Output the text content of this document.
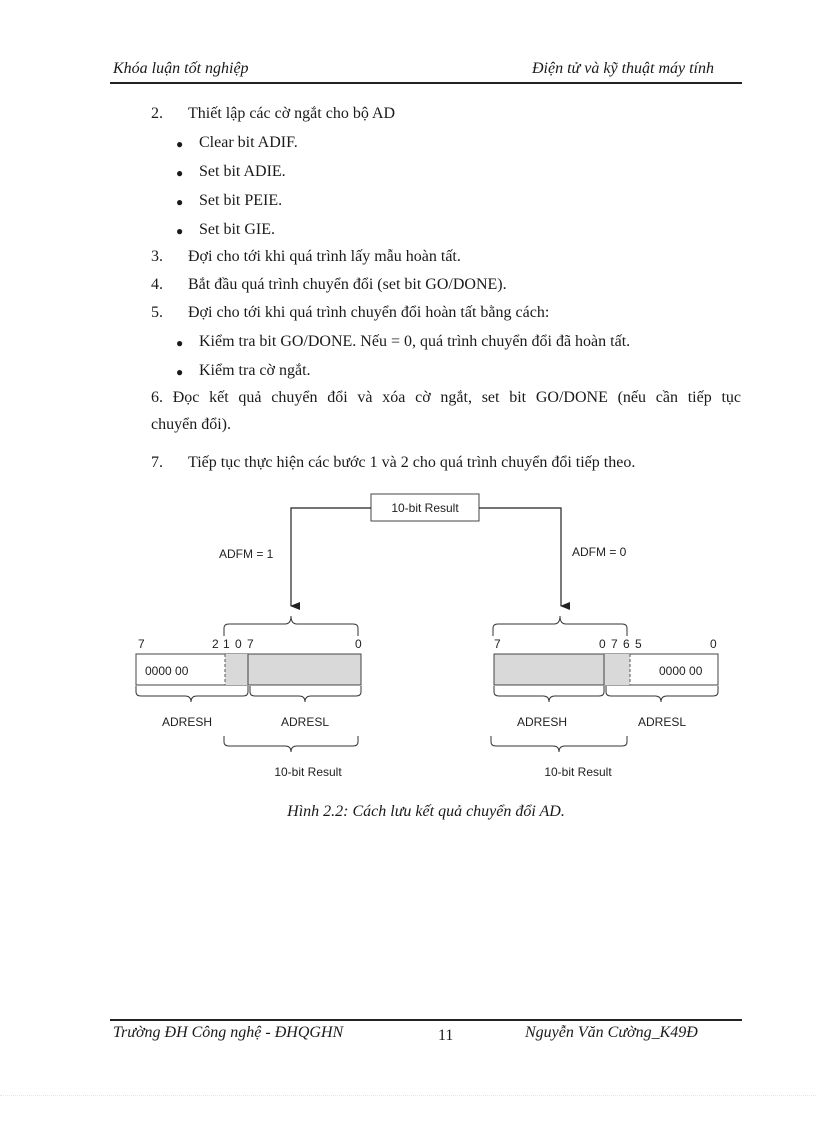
Khóa luận tốt nghiệp	Điện tử và kỹ thuật máy tính
2. Thiết lập các cờ ngắt cho bộ AD
● Clear bit ADIF.
● Set bit ADIE.
● Set bit PEIE.
● Set bit GIE.
3. Đợi cho tới khi quá trình lấy mẫu hoàn tất.
4. Bắt đầu quá trình chuyển đổi (set bit GO/DONE).
5. Đợi cho tới khi quá trình chuyển đổi hoàn tất bằng cách:
● Kiểm tra bit GO/DONE. Nếu = 0, quá trình chuyển đổi đã hoàn tất.
● Kiểm tra cờ ngắt.
6. Đọc kết quả chuyển đổi và xóa cờ ngắt, set bit GO/DONE (nếu cần tiếp tục
chuyển đổi).
7. Tiếp tục thực hiện các bước 1 và 2 cho quá trình chuyển đổi tiếp theo.
10-bit Result
ADFM = 1	ADFM = 0
7	2 1 0 7	0	7	0 7 6 5	0
0000 00	0000 00
ADRESH	ADRESL	ADRESH	ADRESL
10-bit Result	10-bit Result
Hình 2.2: Cách lưu kết quả chuyển đổi AD.
Trường ĐH Công nghệ - ĐHQGHN	11	Nguyễn Văn Cường_K49Đ
